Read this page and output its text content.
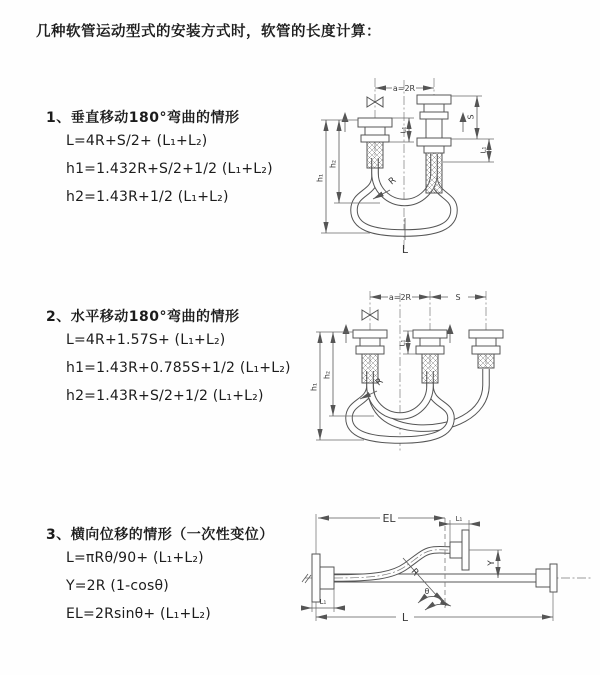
几种软管运动型式的安装方式时，软管的长度计算：
1、垂直移动180°弯曲的情形
L=4R+S/2+ (L₁+L₂)
h1=1.432R+S/2+1/2 (L₁+L₂)
h2=1.43R+1/2 (L₁+L₂)
a=2R
h₁
h₂
S
L₁
L₁
R
L
2、水平移动180°弯曲的情形
L=4R+1.57S+ (L₁+L₂)
h1=1.43R+0.785S+1/2 (L₁+L₂)
h2=1.43R+S/2+1/2 (L₁+L₂)
a=2R	S
h₁
h₂
L₁
R
3、横向位移的情形（一次性变位）
L=πRθ/90+ (L₁+L₂)
Y=2R (1-cosθ)
EL=2Rsinθ+ (L₁+L₂)
θ
R
EL	L₁
Y
L
L₁
